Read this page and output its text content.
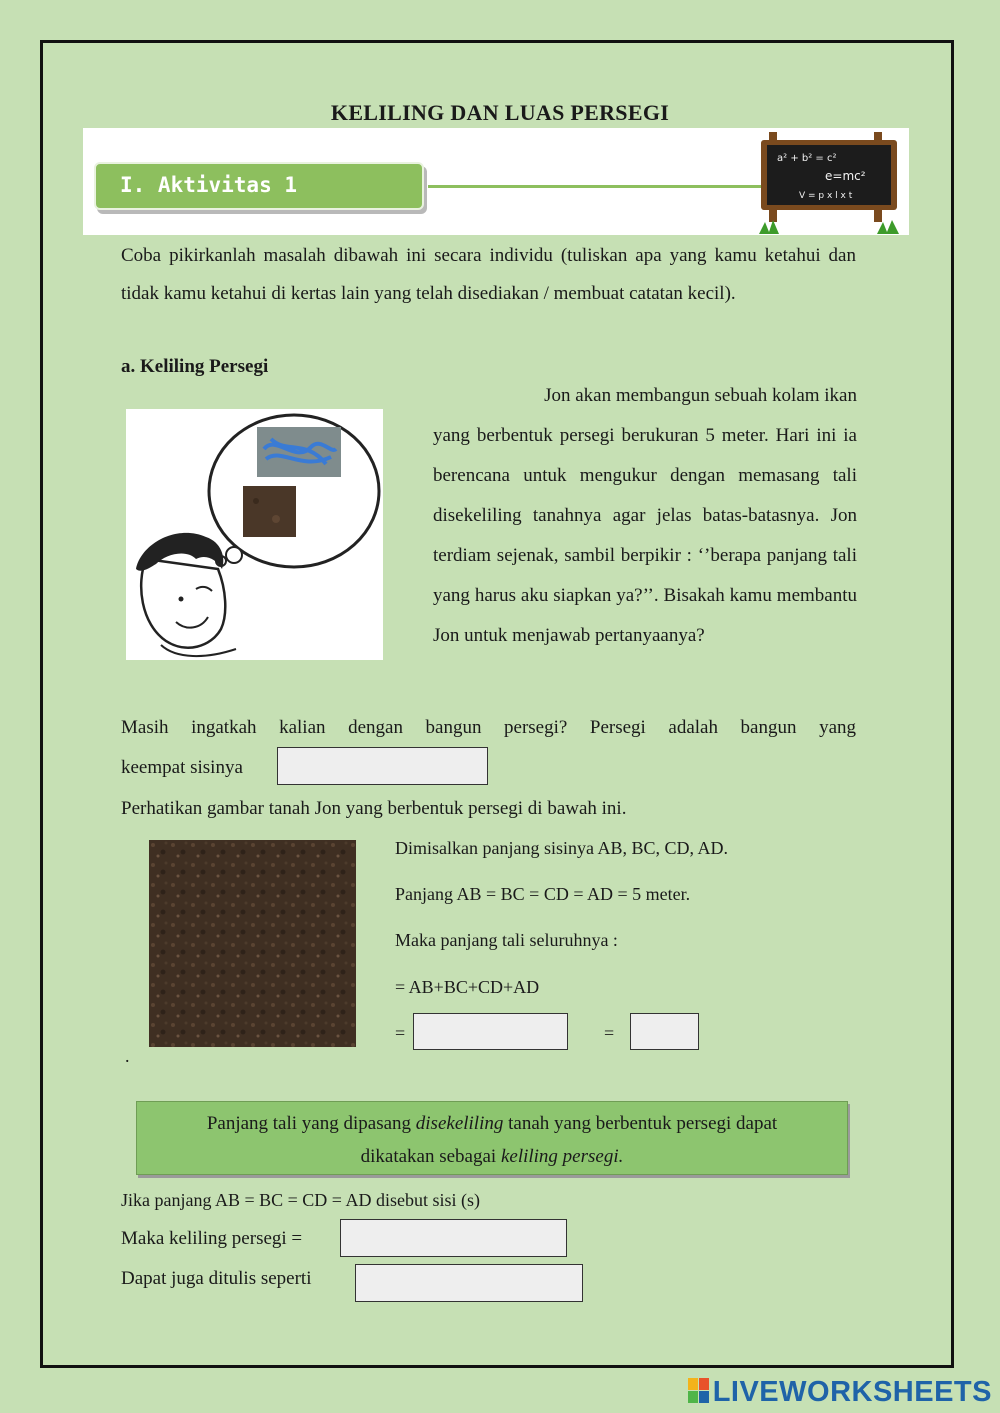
KELILING DAN LUAS PERSEGI
I. Aktivitas 1
a² + b² = c²
e=mc²
V = p x l x t
Coba pikirkanlah masalah dibawah ini secara individu (tuliskan apa yang kamu ketahui dan tidak kamu ketahui di kertas lain yang telah disediakan / membuat catatan kecil).
a. Keliling Persegi
Jon akan membangun sebuah kolam ikan
yang berbentuk persegi berukuran 5 meter. Hari ini ia berencana untuk mengukur dengan memasang tali disekeliling tanahnya agar jelas batas-batasnya. Jon terdiam sejenak, sambil berpikir : ‘’berapa panjang tali yang harus aku siapkan ya?’’. Bisakah kamu membantu Jon untuk menjawab pertanyaanya?
Masih ingatkah kalian dengan bangun persegi? Persegi adalah bangun yang
keempat sisinya
Perhatikan gambar tanah Jon yang berbentuk persegi di bawah ini.
Dimisalkan panjang sisinya AB, BC, CD, AD.
Panjang AB = BC = CD = AD = 5 meter.
Maka panjang tali seluruhnya :
= AB+BC+CD+AD
=	=
.
Panjang tali yang dipasang disekeliling tanah yang berbentuk persegi dapat
dikatakan sebagai keliling persegi.
Jika panjang AB = BC = CD = AD disebut sisi (s)
Maka keliling persegi =
Dapat juga ditulis seperti
LIVEWORKSHEETS
